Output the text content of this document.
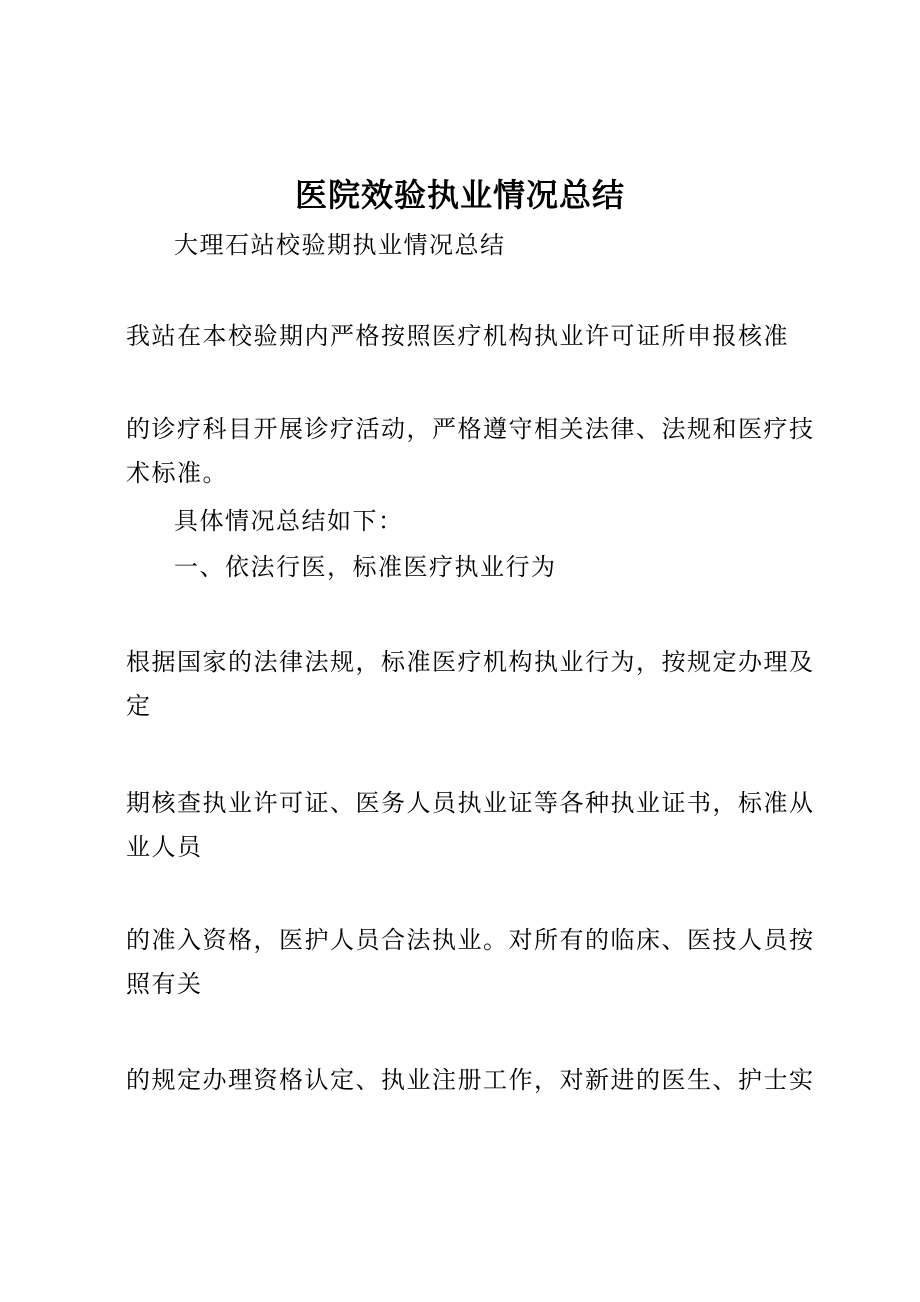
医院效验执业情况总结
大理石站校验期执业情况总结
我站在本校验期内严格按照医疗机构执业许可证所申报核准
的诊疗科目开展诊疗活动，严格遵守相关法律、法规和医疗技
术标准。
具体情况总结如下：
一、依法行医，标准医疗执业行为
根据国家的法律法规，标准医疗机构执业行为，按规定办理及
定
期核查执业许可证、医务人员执业证等各种执业证书，标准从
业人员
的准入资格，医护人员合法执业。对所有的临床、医技人员按
照有关
的规定办理资格认定、执业注册工作，对新进的医生、护士实
